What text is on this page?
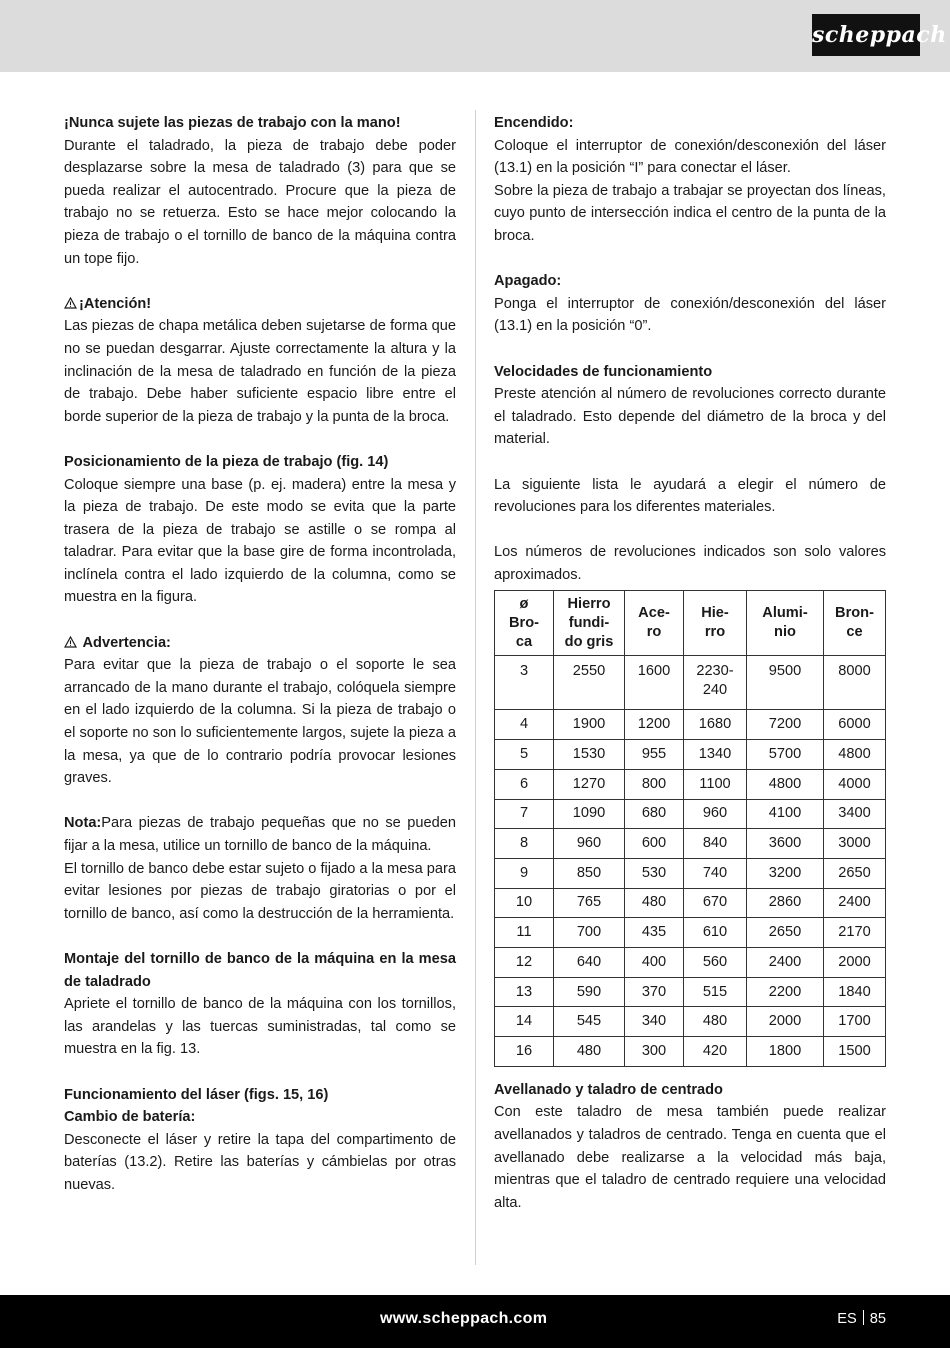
scheppach

¡Nunca sujete las piezas de trabajo con la mano!

Durante el taladrado, la pieza de trabajo debe poder desplazarse sobre la mesa de taladrado (3) para que se pueda realizar el autocentrado. Procure que la pieza de trabajo no se retuerza. Esto se hace mejor colocando la pieza de trabajo o el tornillo de banco de la máquina contra un tope fijo.

¡Atención!

Las piezas de chapa metálica deben sujetarse de forma que no se puedan desgarrar. Ajuste correctamente la altura y la inclinación de la mesa de taladrado en función de la pieza de trabajo. Debe haber suficiente espacio libre entre el borde superior de la pieza de trabajo y la punta de la broca.

Posicionamiento de la pieza de trabajo (fig. 14)

Coloque siempre una base (p. ej. madera) entre la mesa y la pieza de trabajo. De este modo se evita que la parte trasera de la pieza de trabajo se astille o se rompa al taladrar. Para evitar que la base gire de forma incontrolada, inclínela contra el lado izquierdo de la columna, como se muestra en la figura.

Advertencia:

Para evitar que la pieza de trabajo o el soporte le sea arrancado de la mano durante el trabajo, colóquela siempre en el lado izquierdo de la columna. Si la pieza de trabajo o el soporte no son lo suficientemente largos, sujete la pieza a la mesa, ya que de lo contrario podría provocar lesiones graves.

Nota:Para piezas de trabajo pequeñas que no se pueden fijar a la mesa, utilice un tornillo de banco de la máquina.

El tornillo de banco debe estar sujeto o fijado a la mesa para evitar lesiones por piezas de trabajo giratorias o por el tornillo de banco, así como la destrucción de la herramienta.

Montaje del tornillo de banco de la máquina en la mesa de taladrado

Apriete el tornillo de banco de la máquina con los tornillos, las arandelas y las tuercas suministradas, tal como se muestra en la fig. 13.

Funcionamiento del láser (figs. 15, 16)

Cambio de batería:

Desconecte el láser y retire la tapa del compartimento de baterías (13.2). Retire las baterías y cámbielas por otras nuevas.

Encendido:

Coloque el interruptor de conexión/desconexión del láser (13.1) en la posición “I” para conectar el láser.

Sobre la pieza de trabajo a trabajar se proyectan dos líneas, cuyo punto de intersección indica el centro de la punta de la broca.

Apagado:

Ponga el interruptor de conexión/desconexión del láser (13.1) en la posición “0”.

Velocidades de funcionamiento

Preste atención al número de revoluciones correcto durante el taladrado. Esto depende del diámetro de la broca y del material.

La siguiente lista le ayudará a elegir el número de revoluciones para los diferentes materiales.

Los números de revoluciones indicados son solo valores aproximados.

ø
Bro-
ca	Hierro
fundi-
do gris	Ace-
ro	Hie-
rro	Alumi-
nio	Bron-
ce
3	2550	1600	2230-
240	9500	8000
4	1900	1200	1680	7200	6000
5	1530	955	1340	5700	4800
6	1270	800	1100	4800	4000
7	1090	680	960	4100	3400
8	960	600	840	3600	3000
9	850	530	740	3200	2650
10	765	480	670	2860	2400
11	700	435	610	2650	2170
12	640	400	560	2400	2000
13	590	370	515	2200	1840
14	545	340	480	2000	1700
16	480	300	420	1800	1500

Avellanado y taladro de centrado

Con este taladro de mesa también puede realizar avellanados y taladros de centrado. Tenga en cuenta que el avellanado debe realizarse a la velocidad más baja, mientras que el taladro de centrado requiere una velocidad alta.

www.scheppach.com	ES 85
